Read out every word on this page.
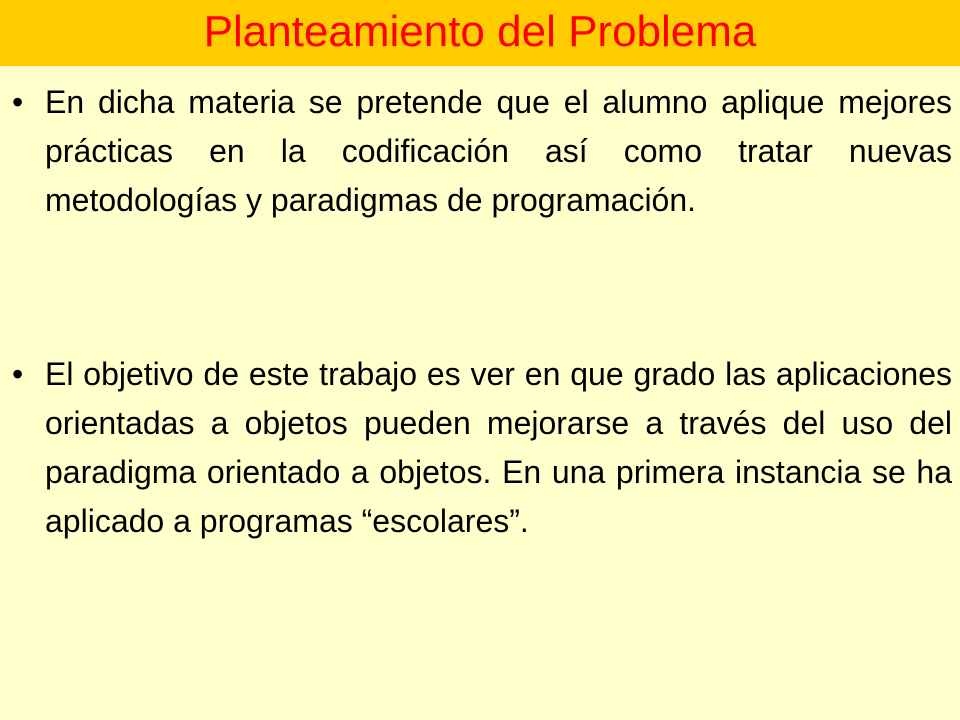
Planteamiento del Problema
• En dicha materia se pretende que el alumno aplique mejores prácticas en la codificación así como tratar nuevas metodologías y paradigmas de programación.
• El objetivo de este trabajo es ver en que grado las aplicaciones orientadas a objetos pueden mejorarse a través del uso del paradigma orientado a objetos. En una primera instancia se ha aplicado a programas “escolares”.
